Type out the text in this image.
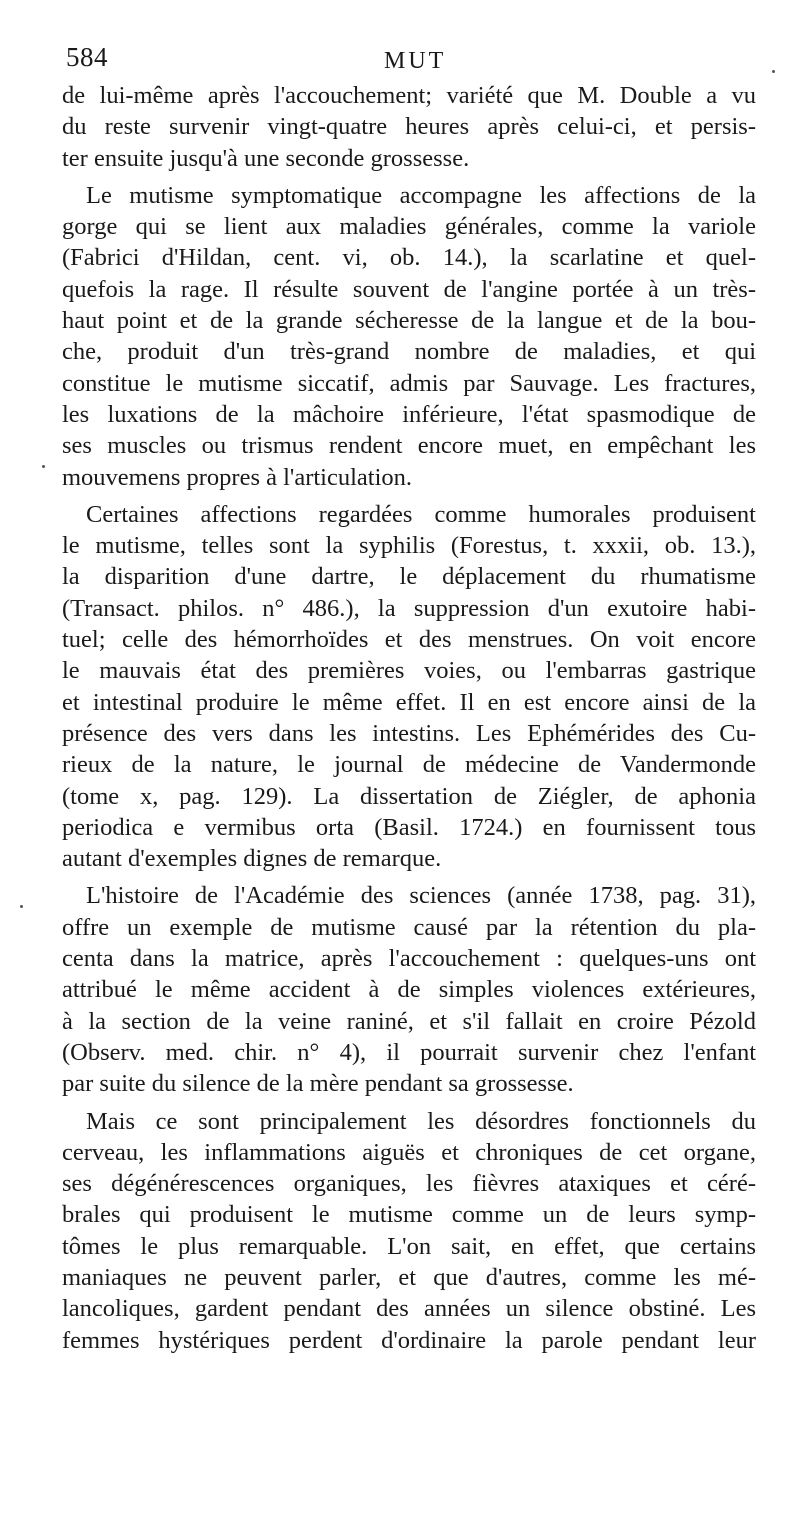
584	MUT
de lui-même après l'accouchement; variété que M. Double a vu
du reste survenir vingt-quatre heures après celui-ci, et persis-
ter ensuite jusqu'à une seconde grossesse.
Le mutisme symptomatique accompagne les affections de la
gorge qui se lient aux maladies générales, comme la variole
(Fabrici d'Hildan, cent. vi, ob. 14.), la scarlatine et quel-
quefois la rage. Il résulte souvent de l'angine portée à un très-
haut point et de la grande sécheresse de la langue et de la bou-
che, produit d'un très-grand nombre de maladies, et qui
constitue le mutisme siccatif, admis par Sauvage. Les fractures,
les luxations de la mâchoire inférieure, l'état spasmodique de
ses muscles ou trismus rendent encore muet, en empêchant les
mouvemens propres à l'articulation.
Certaines affections regardées comme humorales produisent
le mutisme, telles sont la syphilis (Forestus, t. xxxii, ob. 13.),
la disparition d'une dartre, le déplacement du rhumatisme
(Transact. philos. n° 486.), la suppression d'un exutoire habi-
tuel; celle des hémorrhoïdes et des menstrues. On voit encore
le mauvais état des premières voies, ou l'embarras gastrique
et intestinal produire le même effet. Il en est encore ainsi de la
présence des vers dans les intestins. Les Ephémérides des Cu-
rieux de la nature, le journal de médecine de Vandermonde
(tome x, pag. 129). La dissertation de Ziégler, de aphonia
periodica e vermibus orta (Basil. 1724.) en fournissent tous
autant d'exemples dignes de remarque.
L'histoire de l'Académie des sciences (année 1738, pag. 31),
offre un exemple de mutisme causé par la rétention du pla-
centa dans la matrice, après l'accouchement : quelques-uns ont
attribué le même accident à de simples violences extérieures,
à la section de la veine raniné, et s'il fallait en croire Pézold
(Observ. med. chir. n° 4), il pourrait survenir chez l'enfant
par suite du silence de la mère pendant sa grossesse.
Mais ce sont principalement les désordres fonctionnels du
cerveau, les inflammations aiguës et chroniques de cet organe,
ses dégénérescences organiques, les fièvres ataxiques et céré-
brales qui produisent le mutisme comme un de leurs symp-
tômes le plus remarquable. L'on sait, en effet, que certains
maniaques ne peuvent parler, et que d'autres, comme les mé-
lancoliques, gardent pendant des années un silence obstiné. Les
femmes hystériques perdent d'ordinaire la parole pendant leur
